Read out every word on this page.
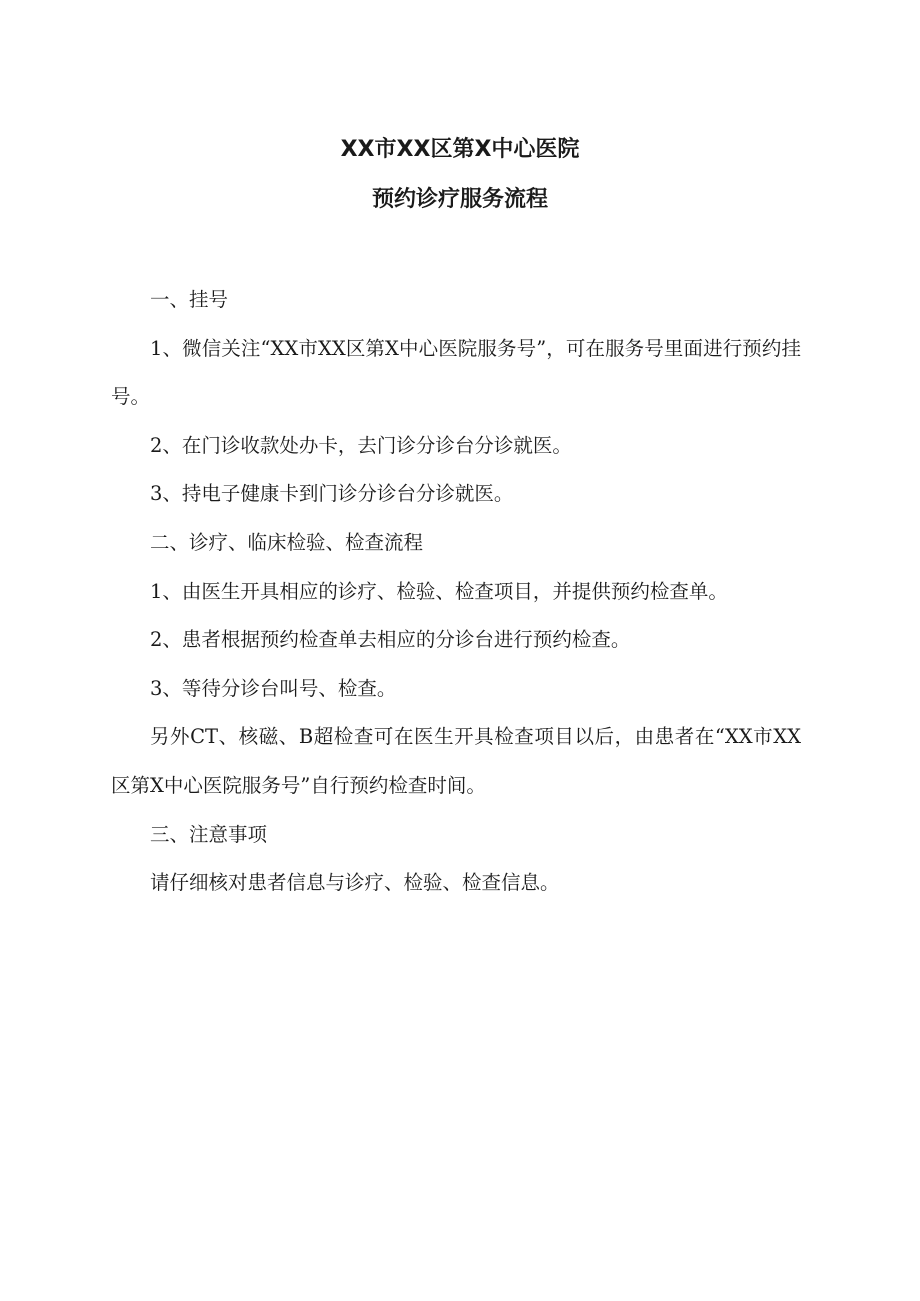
XX市XX区第X中心医院
预约诊疗服务流程

一、挂号

1、微信关注“XX市XX区第X中心医院服务号”，可在服务号里面进行预约挂号。

2、在门诊收款处办卡，去门诊分诊台分诊就医。

3、持电子健康卡到门诊分诊台分诊就医。

二、诊疗、临床检验、检查流程

1、由医生开具相应的诊疗、检验、检查项目，并提供预约检查单。

2、患者根据预约检查单去相应的分诊台进行预约检查。

3、等待分诊台叫号、检查。

另外CT、核磁、B超检查可在医生开具检查项目以后，由患者在“XX市XX区第X中心医院服务号”自行预约检查时间。

三、注意事项

请仔细核对患者信息与诊疗、检验、检查信息。
